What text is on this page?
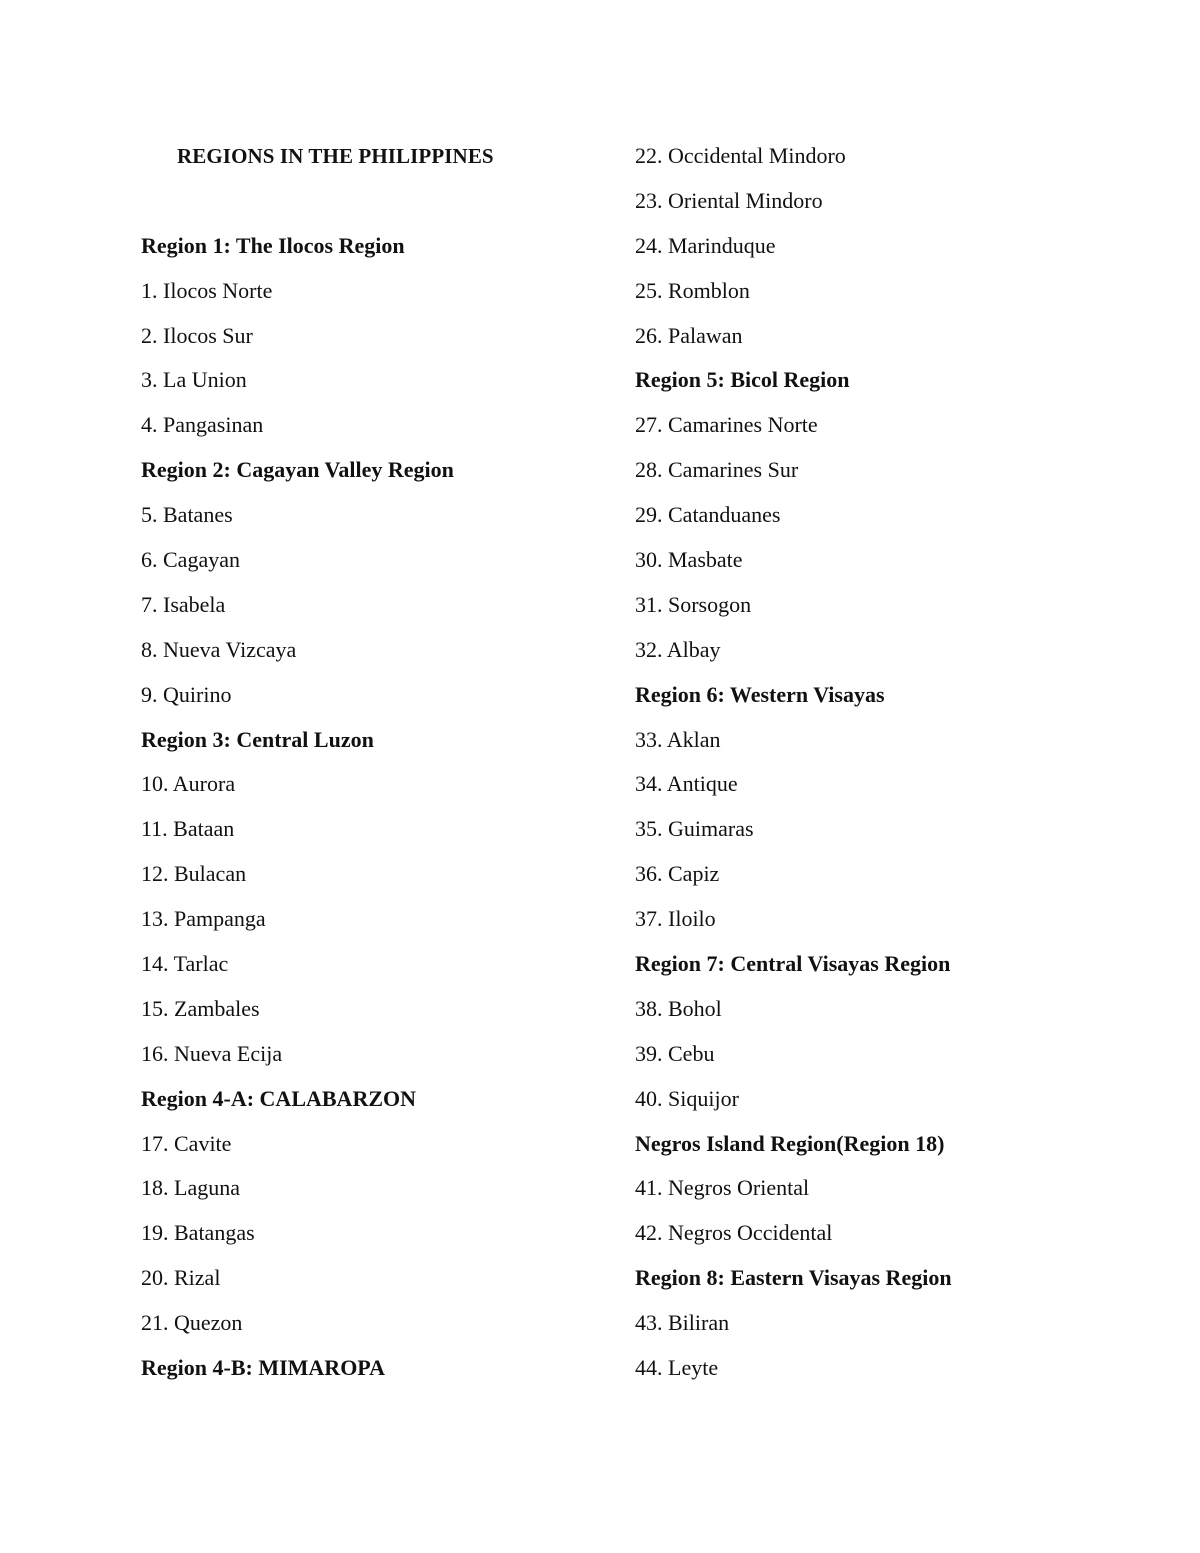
REGIONS IN THE PHILIPPINES
Region 1: The Ilocos Region
1. Ilocos Norte
2. Ilocos Sur
3. La Union
4. Pangasinan
Region 2: Cagayan Valley Region
5. Batanes
6. Cagayan
7. Isabela
8. Nueva Vizcaya
9. Quirino
Region 3: Central Luzon
10. Aurora
11. Bataan
12. Bulacan
13. Pampanga
14. Tarlac
15. Zambales
16. Nueva Ecija
Region 4-A: CALABARZON
17. Cavite
18. Laguna
19. Batangas
20. Rizal
21. Quezon
Region 4-B: MIMAROPA
22. Occidental Mindoro
23. Oriental Mindoro
24. Marinduque
25. Romblon
26. Palawan
Region 5: Bicol Region
27. Camarines Norte
28. Camarines Sur
29. Catanduanes
30. Masbate
31. Sorsogon
32. Albay
Region 6: Western Visayas
33. Aklan
34. Antique
35. Guimaras
36. Capiz
37. Iloilo
Region 7: Central Visayas Region
38. Bohol
39. Cebu
40. Siquijor
Negros Island Region(Region 18)
41. Negros Oriental
42. Negros Occidental
Region 8: Eastern Visayas Region
43. Biliran
44. Leyte
